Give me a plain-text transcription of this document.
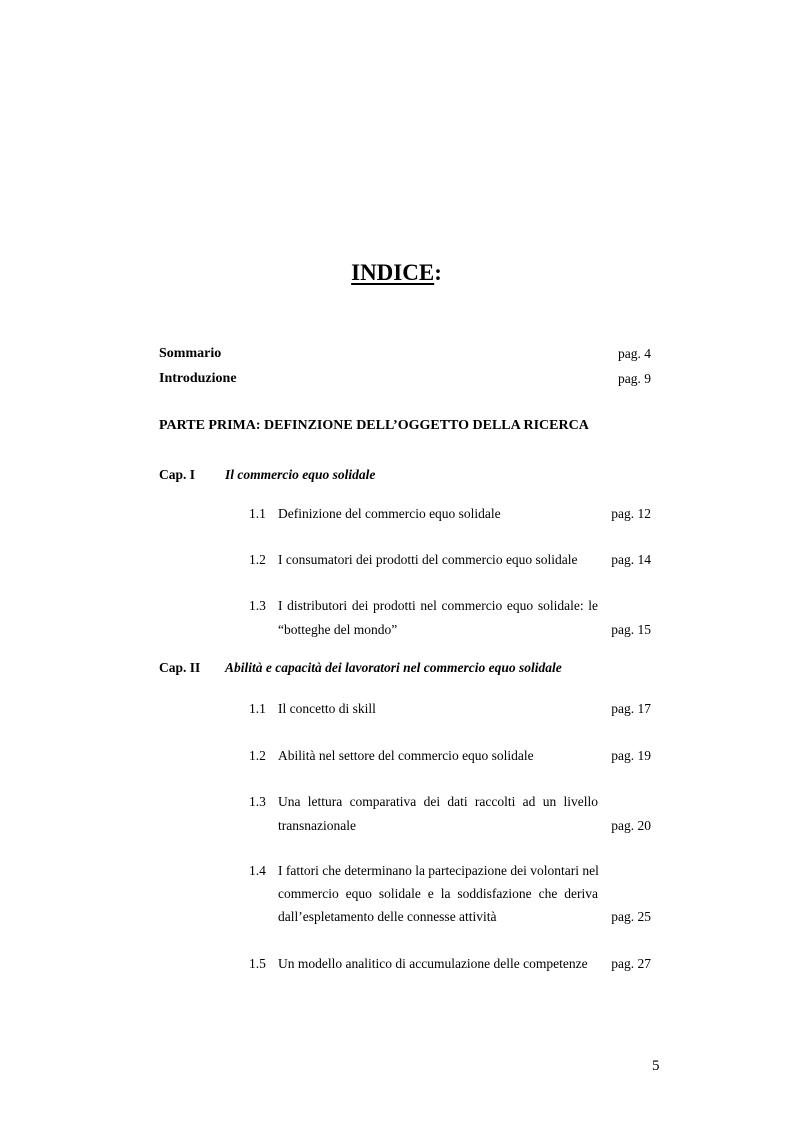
INDICE:
Sommario	pag. 4
Introduzione	pag. 9
PARTE PRIMA: DEFINZIONE DELL’OGGETTO DELLA RICERCA
Cap. I Il commercio equo solidale
1.1 Definizione del commercio equo solidale	pag. 12
1.2 I consumatori dei prodotti del commercio equo solidale	pag. 14
1.3 I distributori dei prodotti nel commercio equo solidale: le
“botteghe del mondo”	pag. 15
Cap. II Abilità e capacità dei lavoratori nel commercio equo solidale
1.1 Il concetto di skill	pag. 17
1.2 Abilità nel settore del commercio equo solidale	pag. 19
1.3 Una lettura comparativa dei dati raccolti ad un livello
transnazionale	pag. 20
1.4 I fattori che determinano la partecipazione dei volontari nel
commercio equo solidale e la soddisfazione che deriva
dall’espletamento delle connesse attività	pag. 25
1.5 Un modello analitico di accumulazione delle competenze	pag. 27
5
